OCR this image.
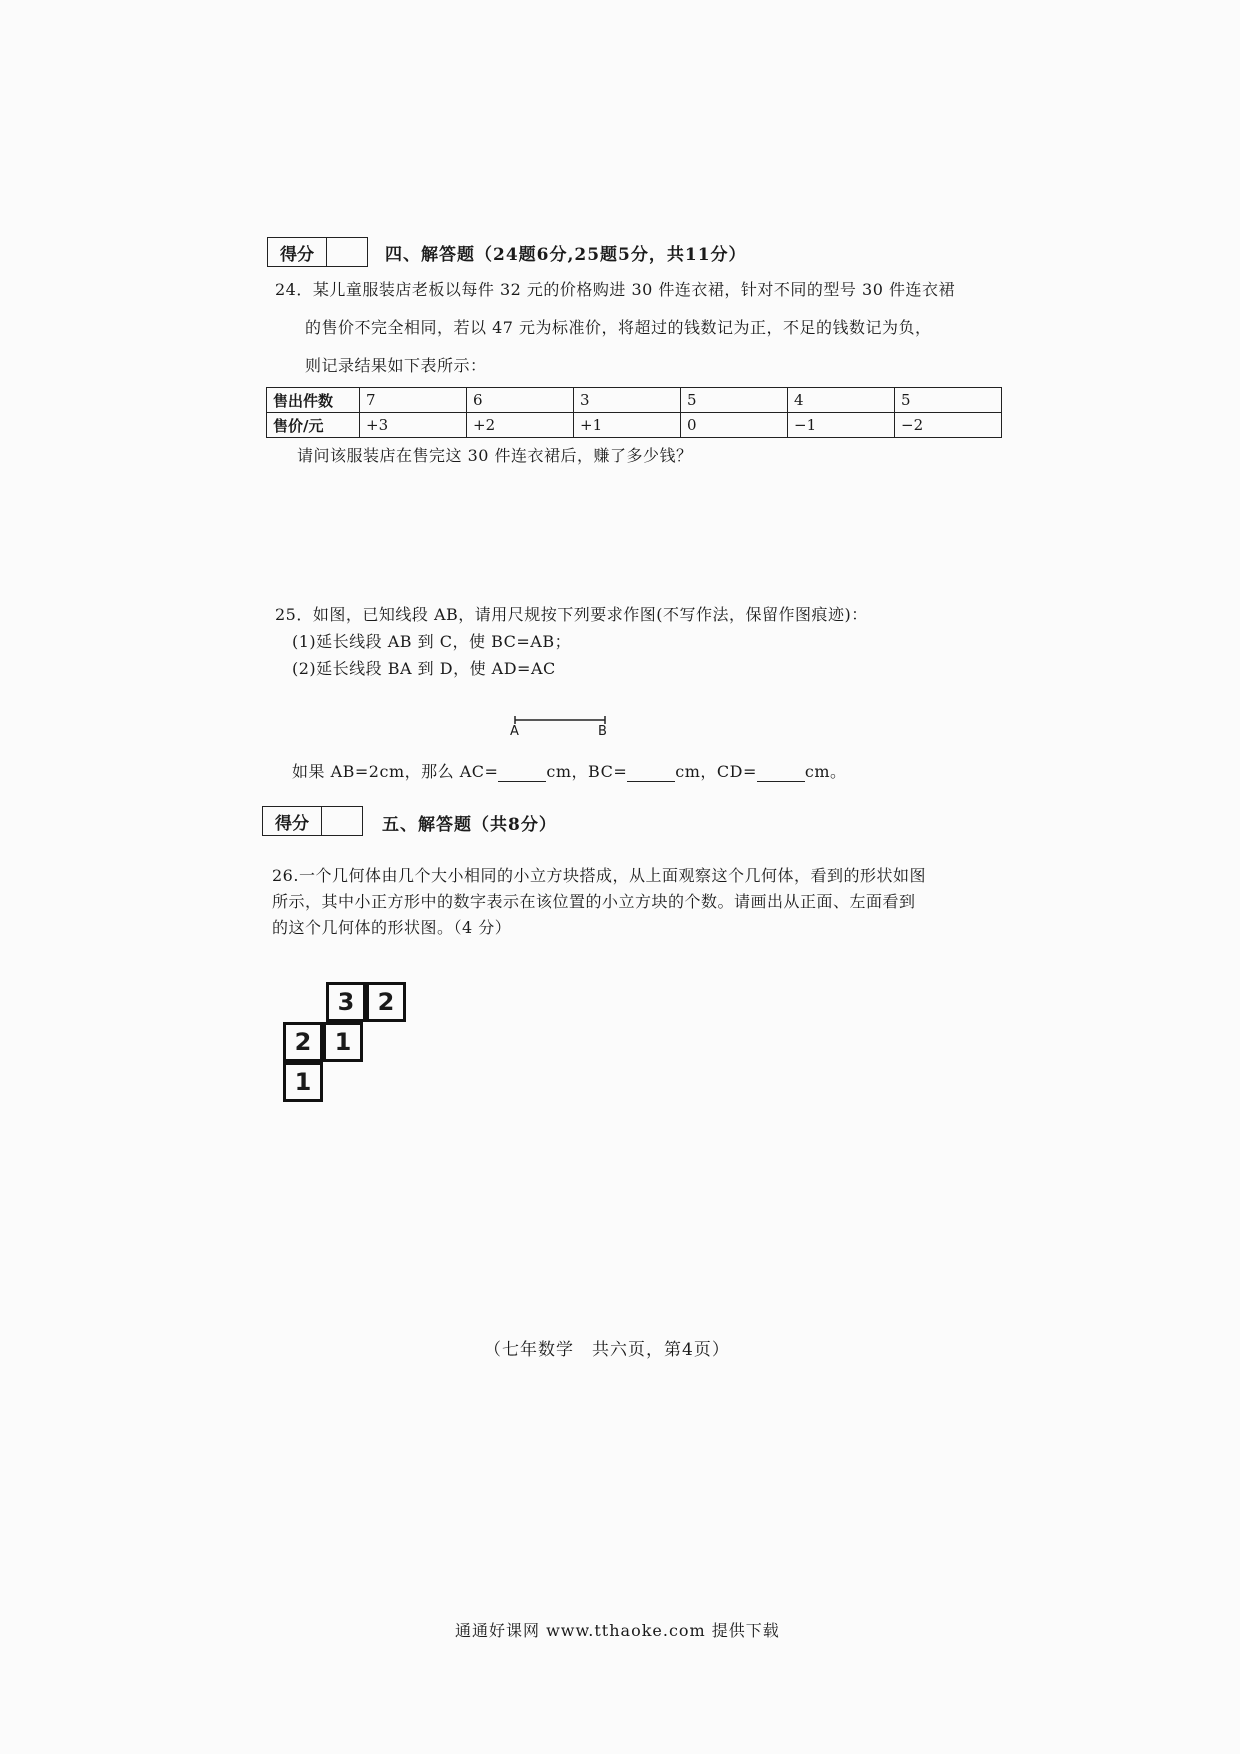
得分	四、解答题（24题6分,25题5分，共11分）
24．某儿童服装店老板以每件 32 元的价格购进 30 件连衣裙，针对不同的型号 30 件连衣裙
的售价不完全相同，若以 47 元为标准价，将超过的钱数记为正，不足的钱数记为负，
则记录结果如下表所示：
售出件数	7	6	3	5	4	5
售价/元	+3	+2	+1	0	−1	−2
请问该服装店在售完这 30 件连衣裙后，赚了多少钱？
25．如图，已知线段 AB，请用尺规按下列要求作图(不写作法，保留作图痕迹)：
(1)延长线段 AB 到 C，使 BC=AB；
(2)延长线段 BA 到 D，使 AD=AC
A	B
如果 AB=2cm，那么 AC=	cm，BC=	cm，CD=	cm。
得分	五、解答题（共8分）
26.一个几何体由几个大小相同的小立方块搭成，从上面观察这个几何体，看到的形状如图
所示，其中小正方形中的数字表示在该位置的小立方块的个数。请画出从正面、左面看到
的这个几何体的形状图。（4 分）
3 2
2 1
1
（七年数学　共六页，第4页）
通通好课网 www.tthaoke.com 提供下载
